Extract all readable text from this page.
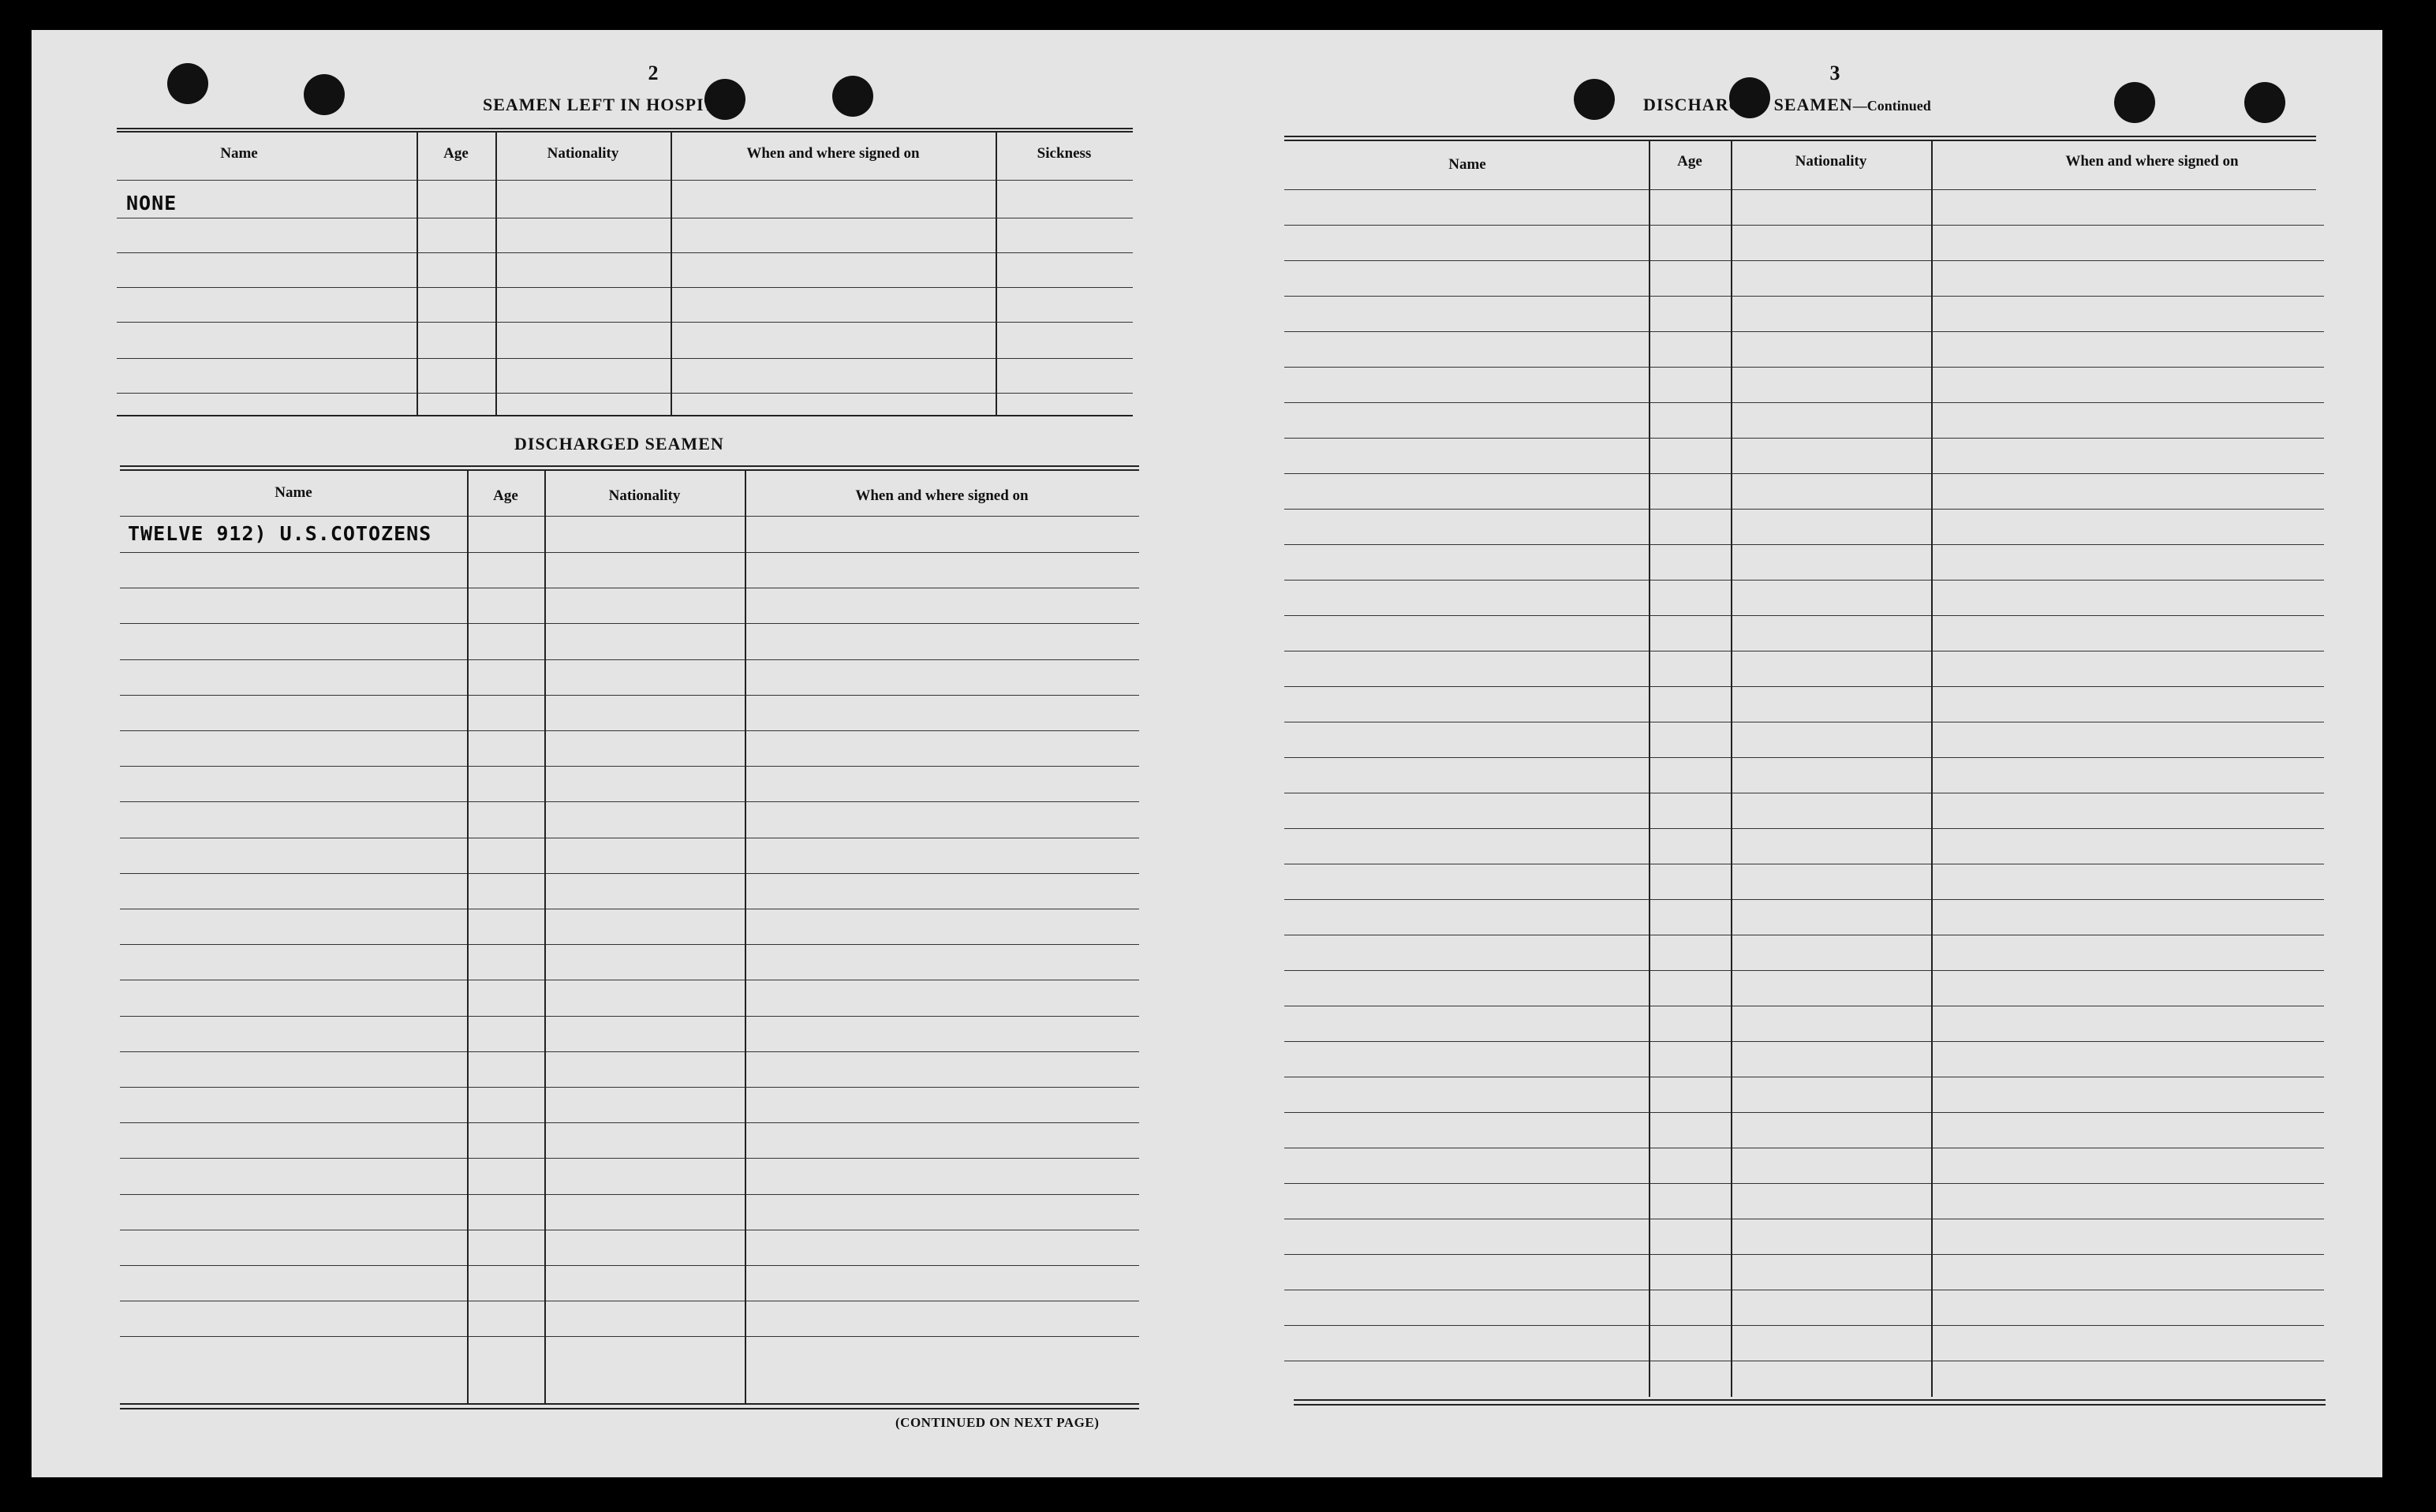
2
SEAMEN LEFT IN HOSPITAL
Name	Age	Nationality	When and where signed on	Sickness
NONE
DISCHARGED SEAMEN
Name	Age	Nationality	When and where signed on
TWELVE 912) U.S.COTOZENS
(CONTINUED ON NEXT PAGE)
3
DISCHARGED SEAMEN—Continued
Name	Age	Nationality	When and where signed on
